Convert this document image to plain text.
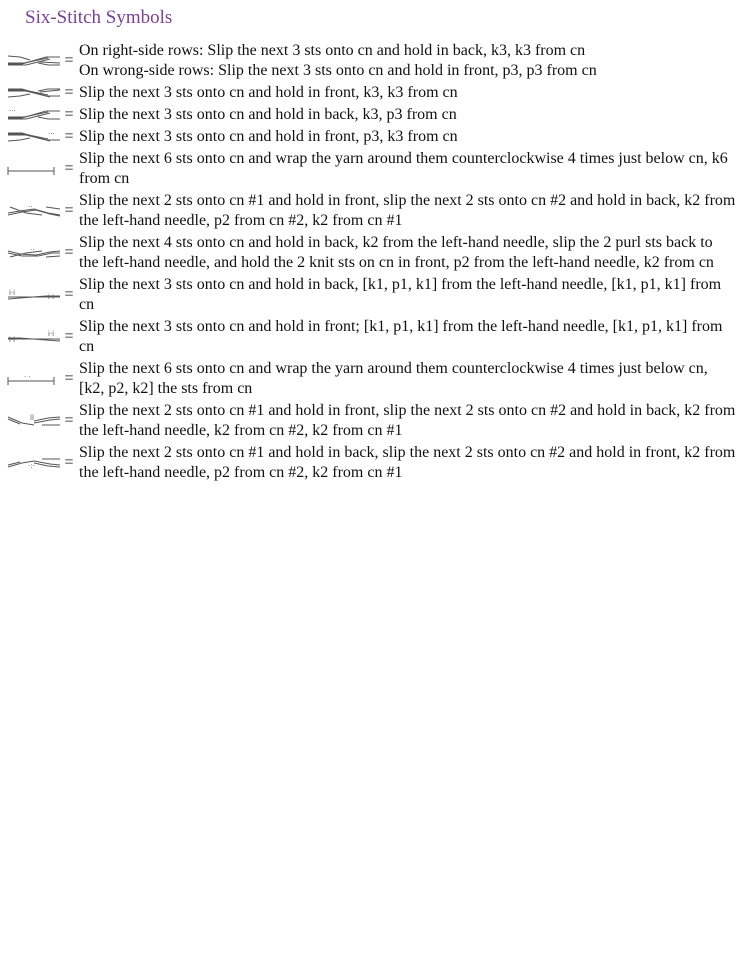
Six-Stitch Symbols
=
On right-side rows: Slip the next 3 sts onto cn and hold in back, k3, k3 from cn
On wrong-side rows: Slip the next 3 sts onto cn and hold in front, p3, p3 from cn
= Slip the next 3 sts onto cn and hold in front, k3, k3 from cn
···	= Slip the next 3 sts onto cn and hold in back, k3, p3 from cn
··· = Slip the next 3 sts onto cn and hold in front, p3, k3 from cn
=
Slip the next 6 sts onto cn and wrap the yarn around them counterclockwise 4 times just below cn, k6 from cn
·· =
Slip the next 2 sts onto cn #1 and hold in front, slip the next 2 sts onto cn #2 and hold in back, k2 from the left-hand needle, p2 from cn #2, k2 from cn #1
·· =
Slip the next 4 sts onto cn and hold in back, k2 from the left-hand needle, slip the 2 purl sts back to the left-hand needle, and hold the 2 knit sts on cn in front, p2 from the left-hand needle, k2 from cn
i·i	i·i =
Slip the next 3 sts onto cn and hold in back, [k1, p1, k1] from the left-hand needle, [k1, p1, k1] from cn
i·i
i·i =
Slip the next 3 sts onto cn and hold in front; [k1, p1, k1] from the left-hand needle, [k1, p1, k1] from cn
· · =
Slip the next 6 sts onto cn and wrap the yarn around them counterclockwise 4 times just below cn, [k2, p2, k2] the sts from cn
ll =
Slip the next 2 sts onto cn #1 and hold in front, slip the next 2 sts onto cn #2 and hold in back, k2 from the left-hand needle, k2 from cn #2, k2 from cn #1
·:· =
Slip the next 2 sts onto cn #1 and hold in back, slip the next 2 sts onto cn #2 and hold in front, k2 from the left-hand needle, p2 from cn #2, k2 from cn #1
